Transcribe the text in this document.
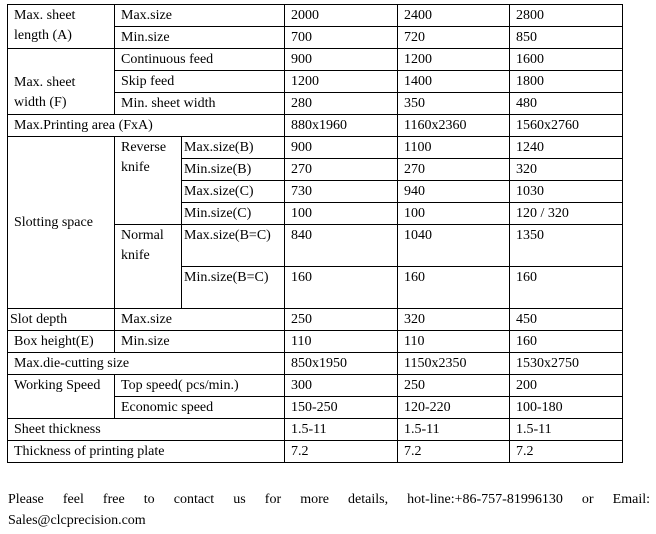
Max. sheet length (A)	Max.size		2000	2400	2800
	Min.size		700	720	850
Max. sheet width (F)	Continuous feed		900	1200	1600
	Skip feed		1200	1400	1800
	Min. sheet width		280	350	480
Max.Printing area (FxA)			880x1960	1160x2360	1560x2760
Slotting space	Reverse knife	Max.size(B)	900	1100	1240
		Min.size(B)	270	270	320
		Max.size(C)	730	940	1030
		Min.size(C)	100	100	120 / 320
	Normal knife	Max.size(B=C)	840	1040	1350
		Min.size(B=C)	160	160	160
Slot depth	Max.size		250	320	450
Box height(E)	Min.size		110	110	160
Max.die-cutting size			850x1950	1150x2350	1530x2750
Working Speed	Top speed( pcs/min.)		300	250	200
	Economic speed		150-250	120-220	100-180
Sheet thickness			1.5-11	1.5-11	1.5-11
Thickness of printing plate			7.2	7.2	7.2
Please feel free to contact us for more details, hot-line:+86-757-81996130 or Email:
Sales@clcprecision.com
